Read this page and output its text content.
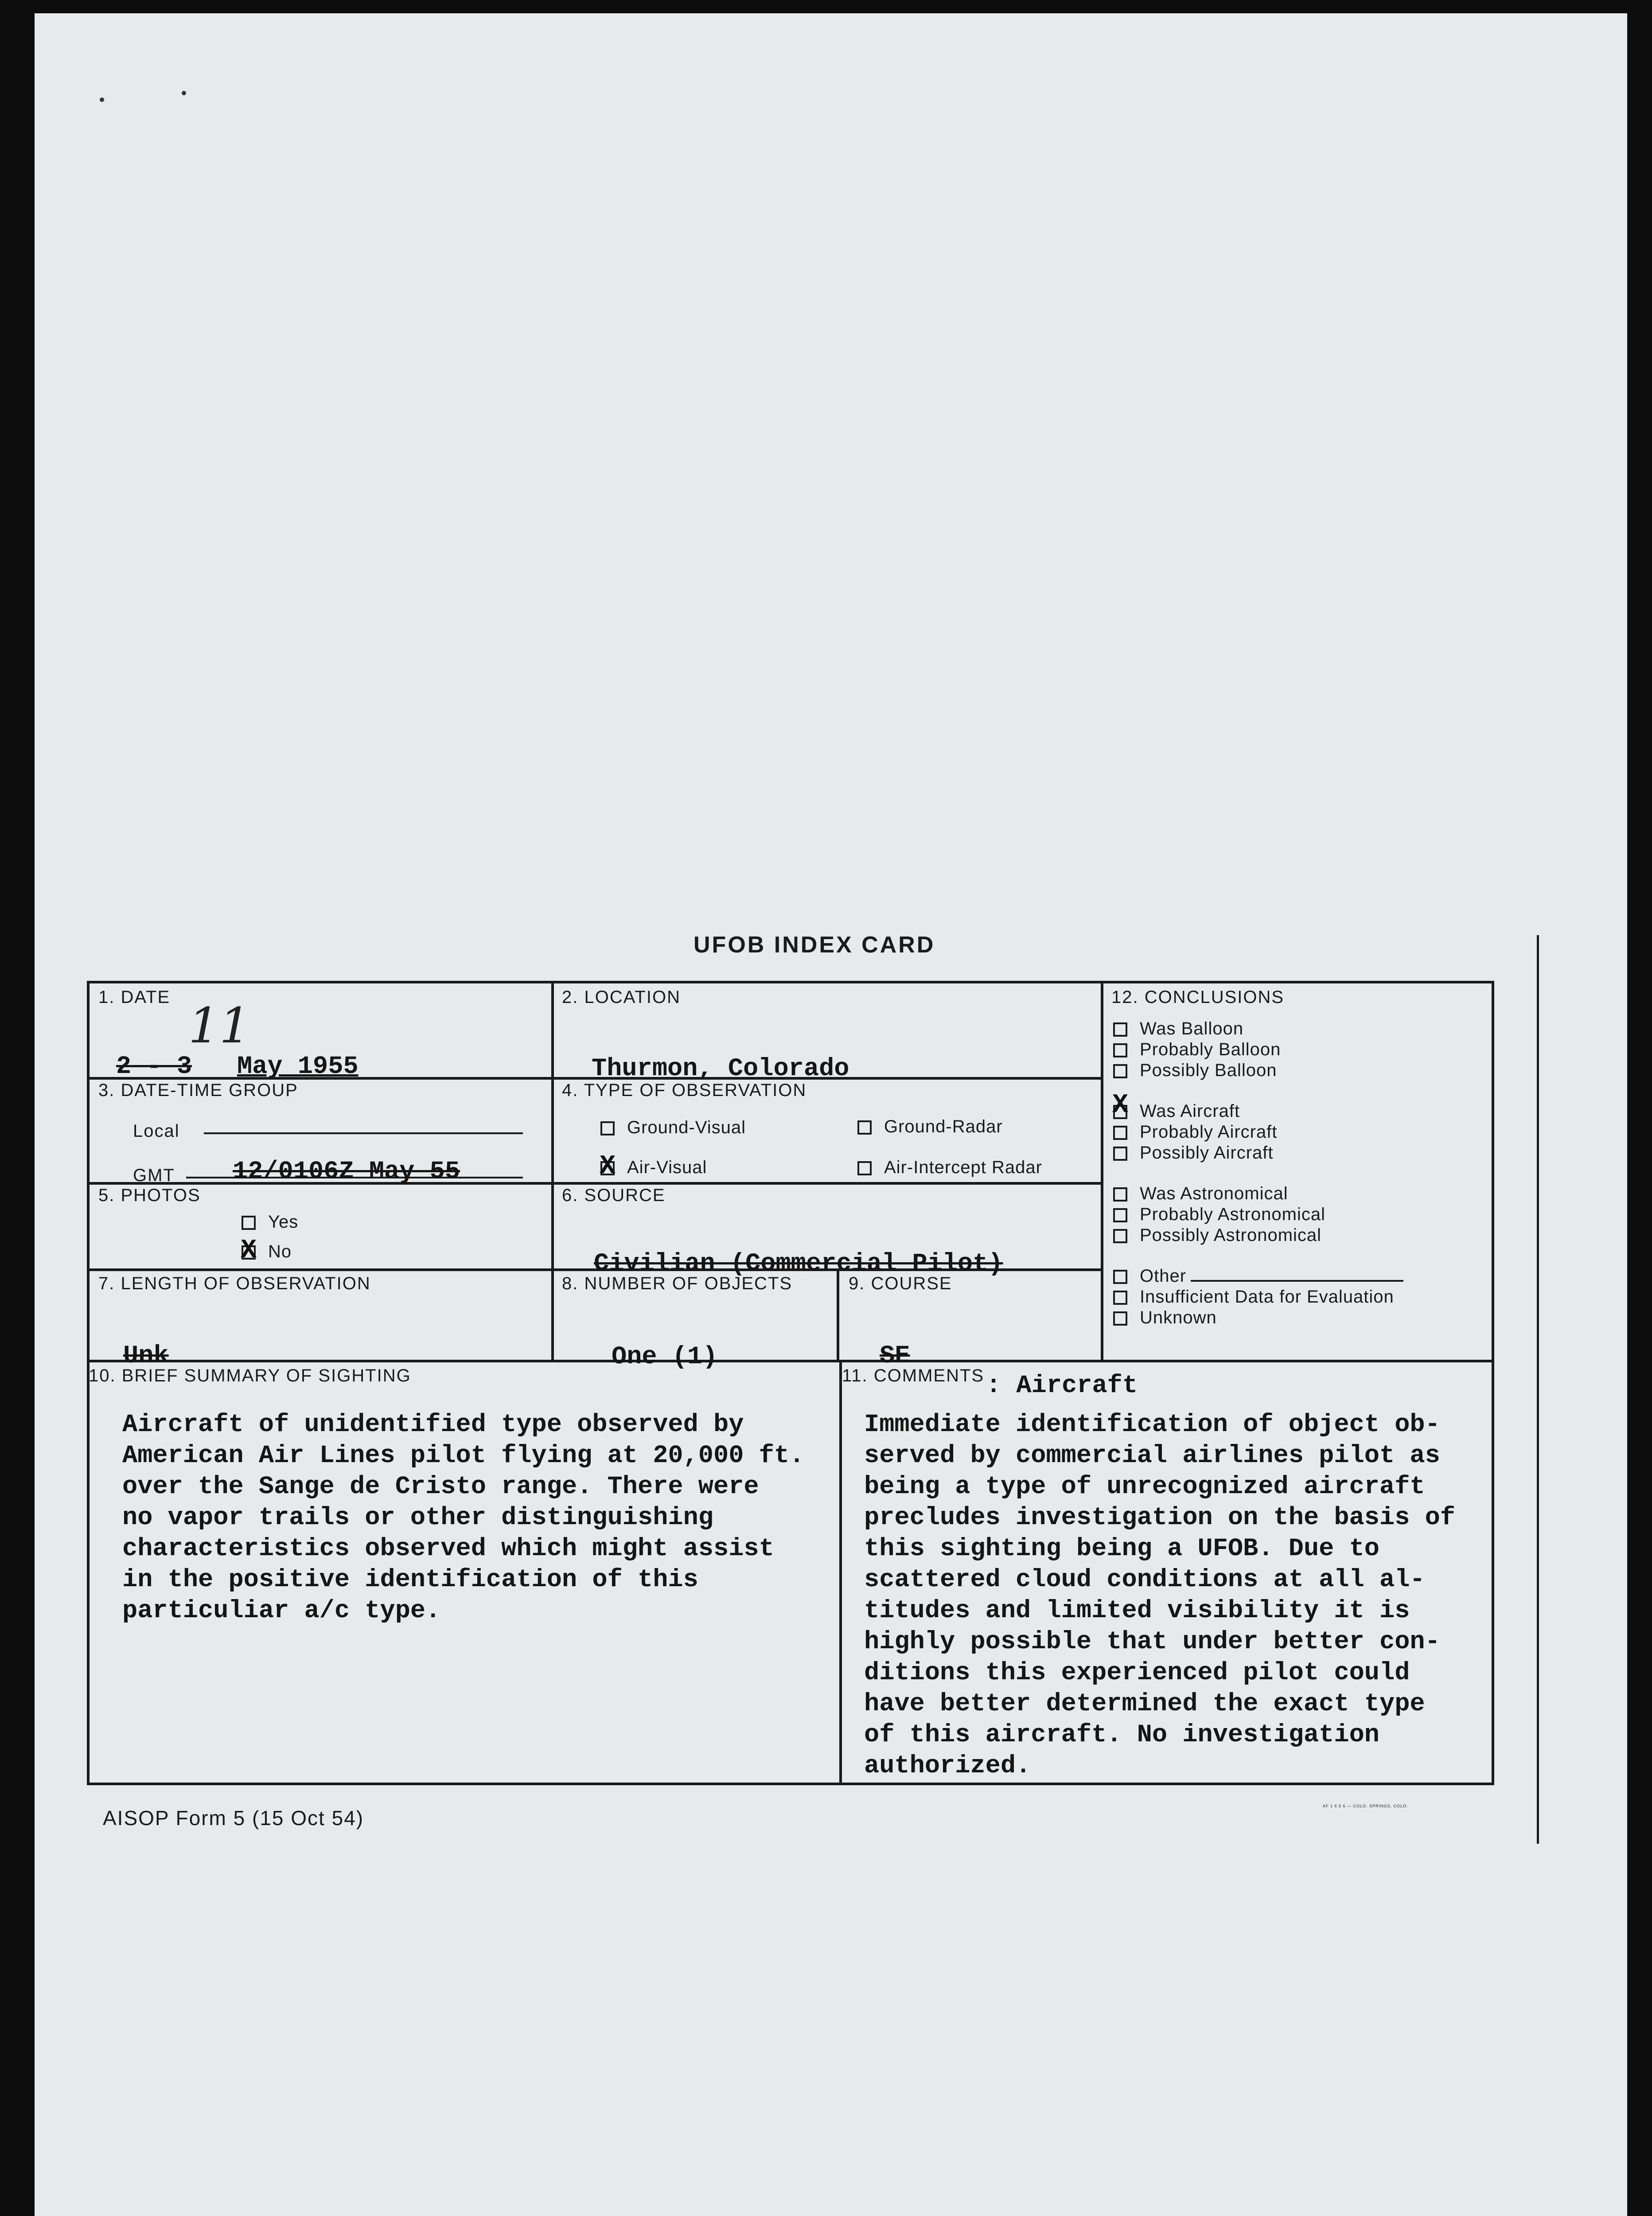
UFOB INDEX CARD
1. DATE 11
2 - 3 May 1955
2. LOCATION
Thurmon, Colorado
3. DATE-TIME GROUP
Local
GMT 12/0106Z May 55
4. TYPE OF OBSERVATION
Ground-Visual	Ground-Radar
XAir-Visual	Air-Intercept Radar
5. PHOTOS
Yes
XNo
6. SOURCE
Civilian (Commercial Pilot)
7. LENGTH OF OBSERVATION
Unk
8. NUMBER OF OBJECTS
One (1)
9. COURSE
SE
10. BRIEF SUMMARY OF SIGHTING
Aircraft of unidentified type observed by
American Air Lines pilot flying at 20,000 ft.
over the Sange de Cristo range. There were
no vapor trails or other distinguishing
characteristics observed which might assist
in the positive identification of this
particuliar a/c type.
11. COMMENTS : Aircraft
Immediate identification of object ob-
served by commercial airlines pilot as
being a type of unrecognized aircraft
precludes investigation on the basis of
this sighting being a UFOB. Due to
scattered cloud conditions at all al-
titudes and limited visibility it is
highly possible that under better con-
ditions this experienced pilot could
have better determined the exact type
of this aircraft. No investigation
authorized.
12. CONCLUSIONS
Was Balloon
Probably Balloon
Possibly Balloon
XWas Aircraft
Probably Aircraft
Possibly Aircraft
Was Astronomical
Probably Astronomical
Possibly Astronomical
Other
Insufficient Data for Evaluation
Unknown
AISOP Form 5 (15 Oct 54)
AF 1 6 5 6 — COLO. SPRINGS, COLO.
